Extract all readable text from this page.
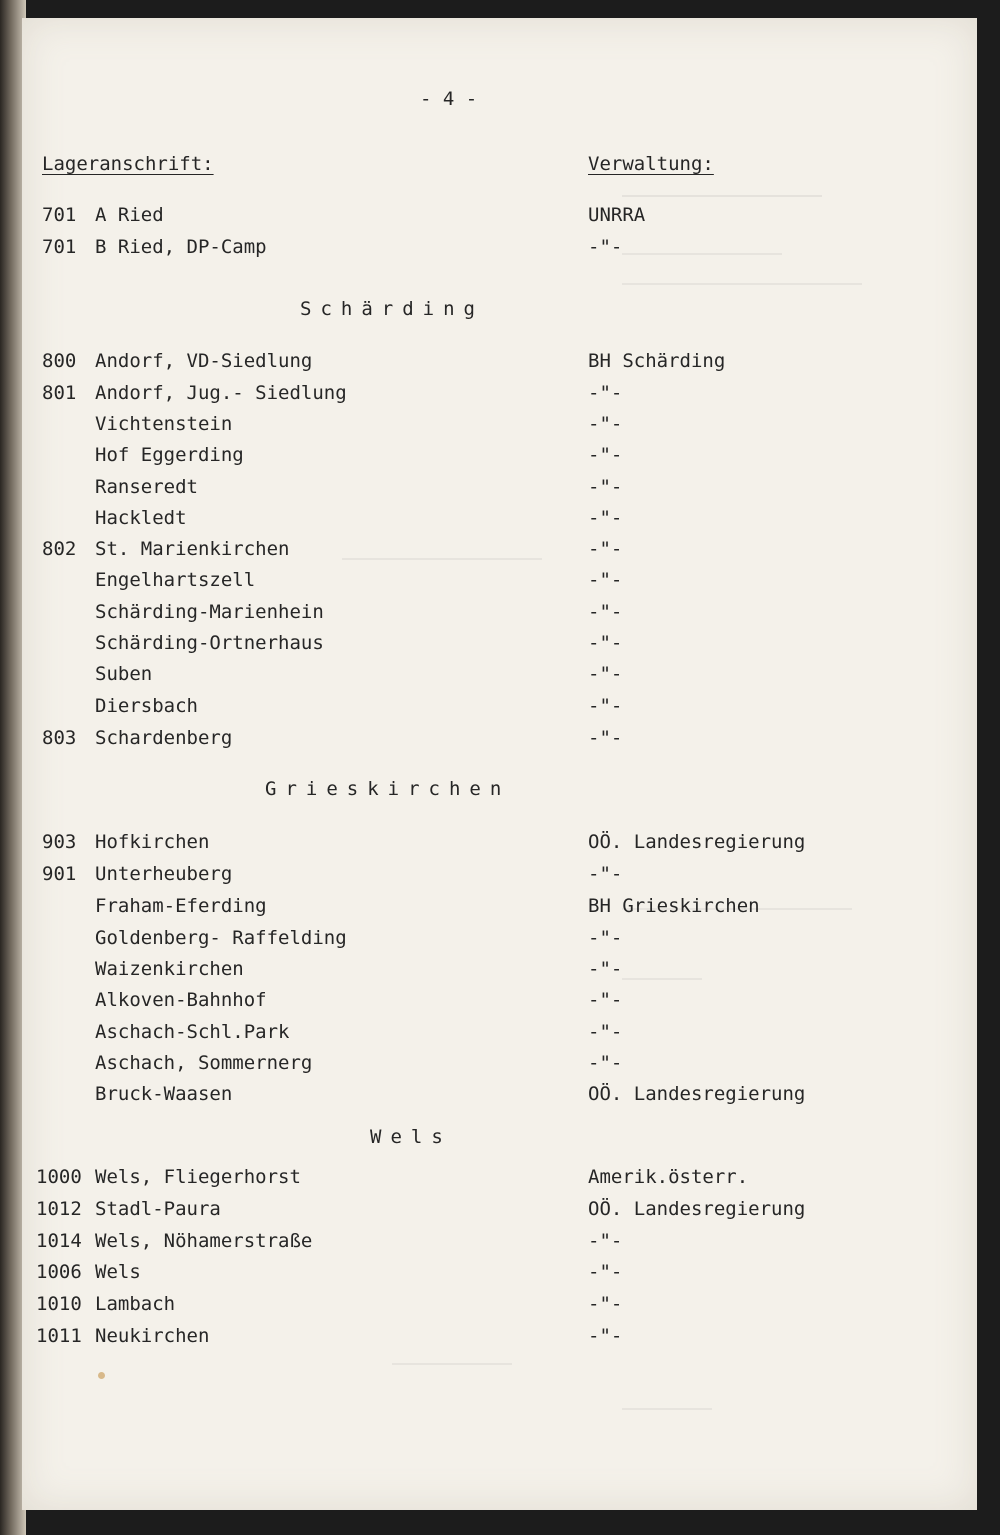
- 4 -
Lageranschrift:	Verwaltung:
701 A Ried	UNRRA
701 B Ried, DP-Camp	-"-
Schärding
800 Andorf, VD-Siedlung	BH Schärding
801 Andorf, Jug.- Siedlung	-"-
Vichtenstein	-"-
Hof Eggerding	-"-
Ranseredt	-"-
Hackledt	-"-
802 St. Marienkirchen	-"-
Engelhartszell	-"-
Schärding-Marienhein	-"-
Schärding-Ortnerhaus	-"-
Suben	-"-
Diersbach	-"-
803 Schardenberg	-"-
Grieskirchen
903 Hofkirchen	OÖ. Landesregierung
901 Unterheuberg	-"-
Fraham-Eferding	BH Grieskirchen
Goldenberg- Raffelding	-"-
Waizenkirchen	-"-
Alkoven-Bahnhof	-"-
Aschach-Schl.Park	-"-
Aschach, Sommernerg	-"-
Bruck-Waasen	OÖ. Landesregierung
Wels
1000 Wels, Fliegerhorst	Amerik.österr.
1012 Stadl-Paura	OÖ. Landesregierung
1014 Wels, Nöhamerstraße	-"-
1006 Wels	-"-
1010 Lambach	-"-
1011 Neukirchen	-"-
